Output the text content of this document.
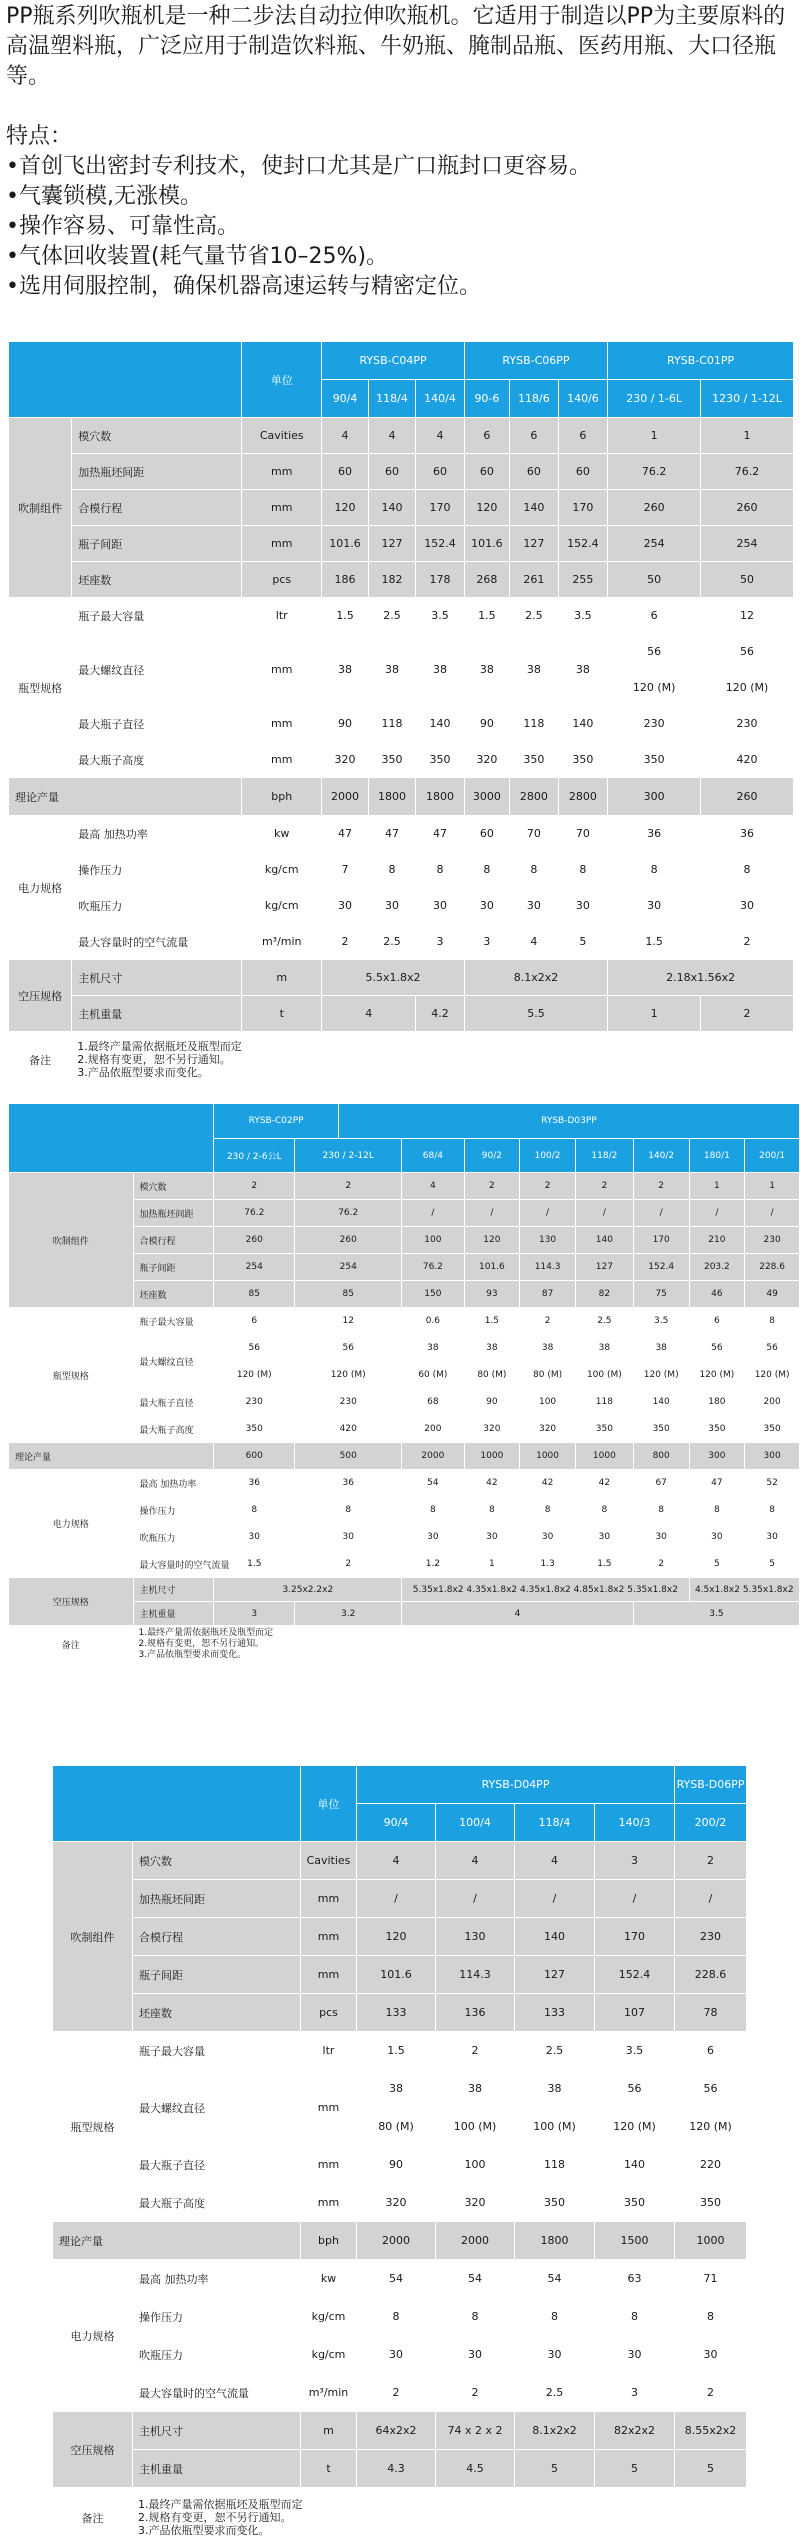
PP瓶系列吹瓶机是一种二步法自动拉伸吹瓶机。它适用于制造以PP为主要原料的高温塑料瓶，广泛应用于制造饮料瓶、牛奶瓶、腌制品瓶、医药用瓶、大口径瓶等。

特点：

•首创飞出密封专利技术，使封口尤其是广口瓶封口更容易。

•气囊锁模,无涨模。

•操作容易、可靠性高。

•气体回收装置(耗气量节省10–25%)。

•选用伺服控制，确保机器高速运转与精密定位。

		单位	RYSB-C04PP			RYSB-C06PP			RYSB-C01PP	
			90/4	118/4	140/4	90-6	118/6	140/6	230 / 1-6L	1230 / 1-12L
吹制组件	模穴数	Cavities	4	4	4	6	6	6	1	1
	加热瓶坯间距	mm	60	60	60	60	60	60	76.2	76.2
	合模行程	mm	120	140	170	120	140	170	260	260
	瓶子间距	mm	101.6	127	152.4	101.6	127	152.4	254	254
	坯座数	pcs	186	182	178	268	261	255	50	50
瓶型规格	瓶子最大容量	ltr	1.5	2.5	3.5	1.5	2.5	3.5	6	12
	最大螺纹直径	mm	38	38	38	38	38	38	56	56
									120 (M)	120 (M)
	最大瓶子直径	mm	90	118	140	90	118	140	230	230
	最大瓶子高度	mm	320	350	350	320	350	350	350	420
理论产量		bph	2000	1800	1800	3000	2800	2800	300	260
电力规格	最高 加热功率	kw	47	47	47	60	70	70	36	36
	操作压力	kg/cm	7	8	8	8	8	8	8	8
	吹瓶压力	kg/cm	30	30	30	30	30	30	30	30
	最大容量时的空气流量	m³/min	2	2.5	3	3	4	5	1.5	2
空压规格	主机尺寸	m	5.5x1.8x2			8.1x2x2			2.18x1.56x2	
	主机重量	t	4		4.2	5.5			1	2
备注	1.最终产量需依据瓶坯及瓶型而定
2.规格有变更，恕不另行通知。
3.产品依瓶型要求而变化。									
		RYSB-C02PP		RYSB-D03PP							
		230 / 2-6公L	230 / 2-12L		68/4	90/2	100/2	118/2	140/2	180/1	200/1
吹制组件	模穴数	2	2		4	2	2	2	2	1	1
	加热瓶坯间距	76.2	76.2		/	/	/	/	/	/	/
	合模行程	260	260		100	120	130	140	170	210	230
	瓶子间距	254	254		76.2	101.6	114.3	127	152.4	203.2	228.6
	坯座数	85	85		150	93	87	82	75	46	49
瓶型规格	瓶子最大容量	6	12		0.6	1.5	2	2.5	3.5	6	8
	最大螺纹直径	56	56		38	38	38	38	38	56	56
		120 (M)	120 (M)		60 (M)	80 (M)	80 (M)	100 (M)	120 (M)	120 (M)	120 (M)
	最大瓶子直径	230	230		68	90	100	118	140	180	200
	最大瓶子高度	350	420		200	320	320	350	350	350	350
理论产量		600	500		2000	1000	1000	1000	800	300	300
电力规格	最高 加热功率	36	36		54	42	42	42	67	47	52
	操作压力	8	8		8	8	8	8	8	8	8
	吹瓶压力	30	30		30	30	30	30	30	30	30
	最大容量时的空气流量	1.5	2		1.2	1	1.3	1.5	2	5	5
空压规格	主机尺寸	3.25x2.2x2			5.35x1.8x2 4.35x1.8x2 4.35x1.8x2 4.85x1.8x2 5.35x1.8x2					4.5x1.8x2 5.35x1.8x2	
	主机重量	3	3.2		4				3.5		
备注	1.最终产量需依据瓶坯及瓶型而定
2.规格有变更，恕不另行通知。
3.产品依瓶型要求而变化。										
		单位	RYSB-D04PP				RYSB-D06PP
			90/4	100/4	118/4	140/3	200/2
吹制组件	模穴数	Cavities	4	4	4	3	2
	加热瓶坯间距	mm	/	/	/	/	/
	合模行程	mm	120	130	140	170	230
	瓶子间距	mm	101.6	114.3	127	152.4	228.6
	坯座数	pcs	133	136	133	107	78
瓶型规格	瓶子最大容量	ltr	1.5	2	2.5	3.5	6
	最大螺纹直径	mm	38	38	38	56	56
			80 (M)	100 (M)	100 (M)	120 (M)	120 (M)
	最大瓶子直径	mm	90	100	118	140	220
	最大瓶子高度	mm	320	320	350	350	350
理论产量		bph	2000	2000	1800	1500	1000
电力规格	最高 加热功率	kw	54	54	54	63	71
	操作压力	kg/cm	8	8	8	8	8
	吹瓶压力	kg/cm	30	30	30	30	30
	最大容量时的空气流量	m³/min	2	2	2.5	3	2
空压规格	主机尺寸	m	64x2x2	74 x 2 x 2	8.1x2x2	82x2x2	8.55x2x2
	主机重量	t	4.3	4.5	5	5	5
备注	1.最终产量需依据瓶坯及瓶型而定
2.规格有变更，恕不另行通知。
3.产品依瓶型要求而变化。						
